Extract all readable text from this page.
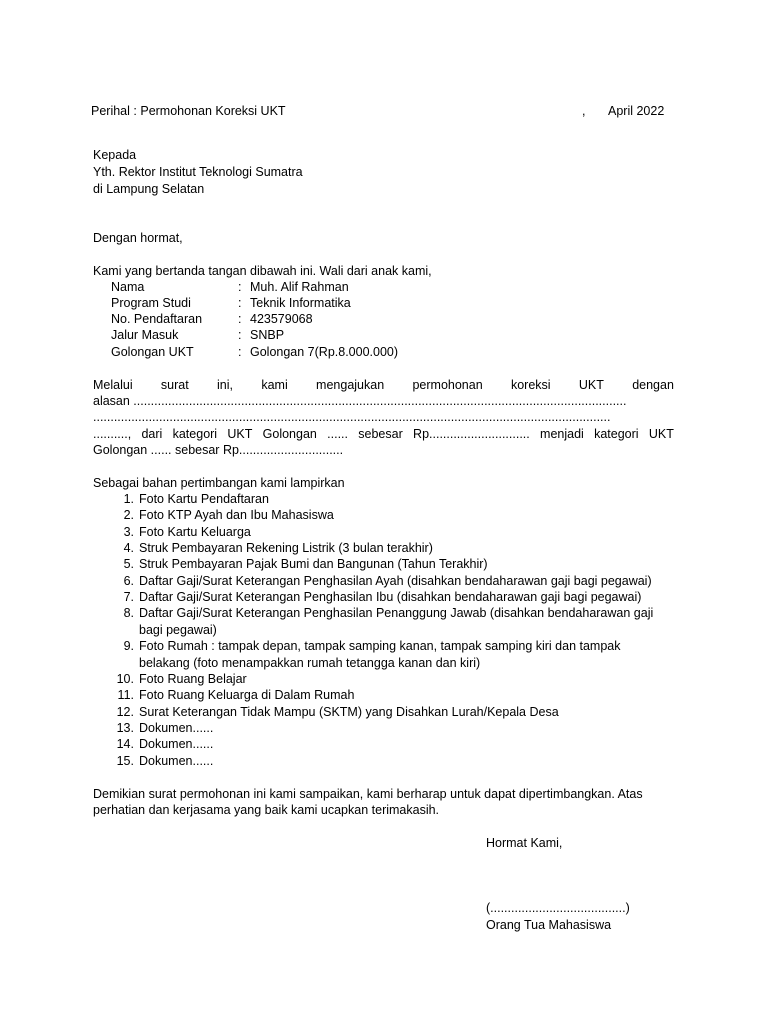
Perihal : Permohonan Koreksi UKT	, April 2022
Kepada
Yth. Rektor Institut Teknologi Sumatra
di Lampung Selatan
Dengan hormat,
Kami yang bertanda tangan dibawah ini. Wali dari anak kami,
Nama	: Muh. Alif Rahman
Program Studi	: Teknik Informatika
No. Pendaftaran	: 423579068
Jalur Masuk	: SNBP
Golongan UKT	: Golongan 7(Rp.8.000.000)
Melalui surat ini, kami mengajukan permohonan koreksi UKT dengan
alasan ..............................................................................................................................................
.....................................................................................................................................................
.........., dari kategori UKT Golongan ...... sebesar Rp............................. menjadi kategori UKT
Golongan ...... sebesar Rp..............................
Sebagai bahan pertimbangan kami lampirkan
1. Foto Kartu Pendaftaran
2. Foto KTP Ayah dan Ibu Mahasiswa
3. Foto Kartu Keluarga
4. Struk Pembayaran Rekening Listrik (3 bulan terakhir)
5. Struk Pembayaran Pajak Bumi dan Bangunan (Tahun Terakhir)
6. Daftar Gaji/Surat Keterangan Penghasilan Ayah (disahkan bendaharawan gaji bagi pegawai)
7. Daftar Gaji/Surat Keterangan Penghasilan Ibu (disahkan bendaharawan gaji bagi pegawai)
8. Daftar Gaji/Surat Keterangan Penghasilan Penanggung Jawab (disahkan bendaharawan gaji
bagi pegawai)
9. Foto Rumah : tampak depan, tampak samping kanan, tampak samping kiri dan tampak
belakang (foto menampakkan rumah tetangga kanan dan kiri)
10. Foto Ruang Belajar
11. Foto Ruang Keluarga di Dalam Rumah
12. Surat Keterangan Tidak Mampu (SKTM) yang Disahkan Lurah/Kepala Desa
13. Dokumen......
14. Dokumen......
15. Dokumen......
Demikian surat permohonan ini kami sampaikan, kami berharap untuk dapat dipertimbangkan. Atas
perhatian dan kerjasama yang baik kami ucapkan terimakasih.
Hormat Kami,
(.......................................)
Orang Tua Mahasiswa
